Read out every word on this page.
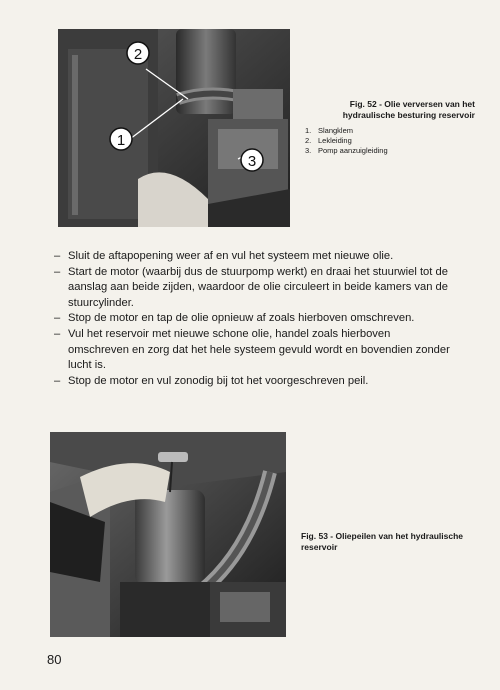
2
1
3
Fig. 52 - Olie verversen van het hydraulische besturing reservoir
1. Slangklem
2. Lekleiding
3. Pomp aanzuigleiding
– Sluit de aftapopening weer af en vul het systeem met nieuwe olie.
– Start de motor (waarbij dus de stuurpomp werkt) en draai het stuurwiel tot de aanslag aan beide zijden, waardoor de olie circuleert in beide kamers van de stuurcylinder.
– Stop de motor en tap de olie opnieuw af zoals hierboven omschreven.
– Vul het reservoir met nieuwe schone olie, handel zoals hierboven omschreven en zorg dat het hele systeem gevuld wordt en bovendien zonder lucht is.
– Stop de motor en vul zonodig bij tot het voorgeschreven peil.
Fig. 53 - Oliepeilen van het hydraulische reservoir
80
